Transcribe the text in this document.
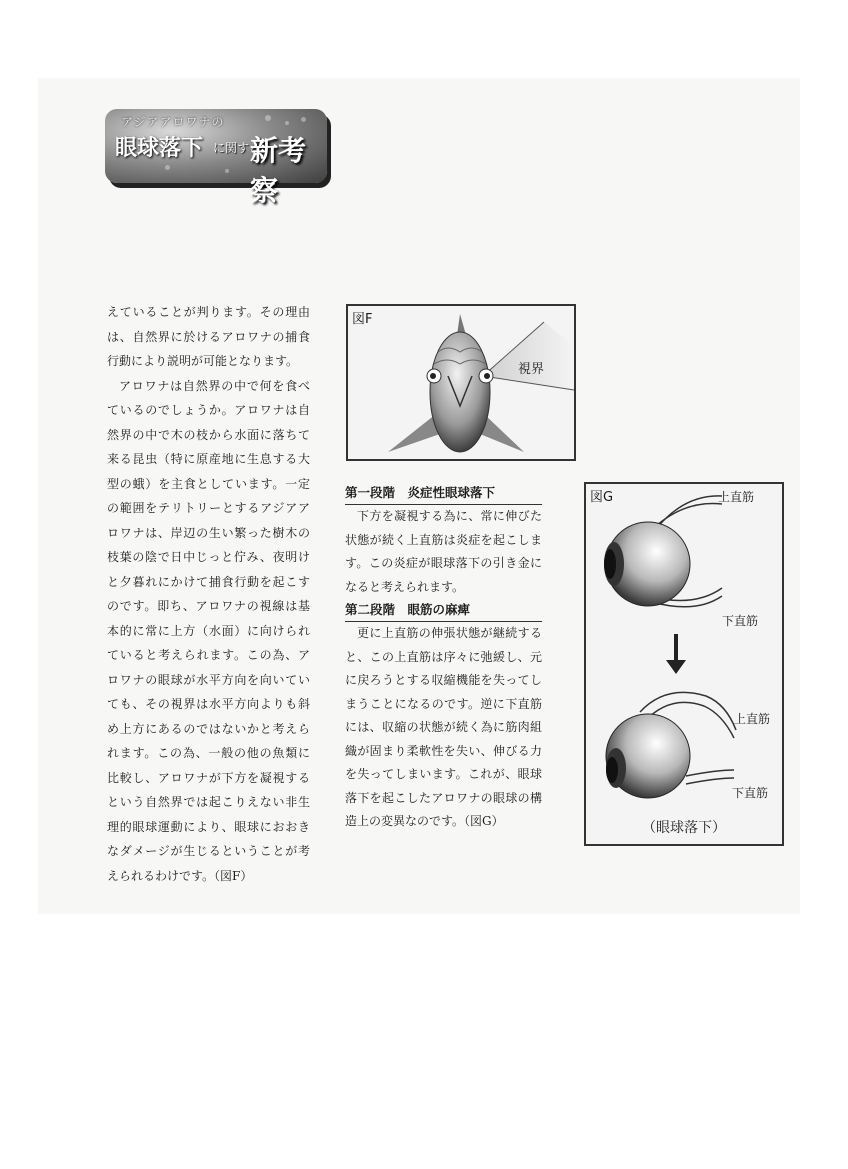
アジアアロワナの
眼球落下 に関する
新考察

えていることが判ります。その理由は、自然界に於けるアロワナの捕食行動により説明が可能となります。

アロワナは自然界の中で何を食べているのでしょうか。アロワナは自然界の中で木の枝から水面に落ちて来る昆虫（特に原産地に生息する大型の蛾）を主食としています。一定の範囲をテリトリーとするアジアアロワナは、岸辺の生い繁った樹木の枝葉の陰で日中じっと佇み、夜明けと夕暮れにかけて捕食行動を起こすのです。即ち、アロワナの視線は基本的に常に上方（水面）に向けられていると考えられます。この為、アロワナの眼球が水平方向を向いていても、その視界は水平方向よりも斜め上方にあるのではないかと考えられます。この為、一般の他の魚類に比較し、アロワナが下方を凝視するという自然界では起こりえない非生理的眼球運動により、眼球におおきなダメージが生じるということが考えられるわけです。（図F）

図F
視界

第一段階　炎症性眼球落下

下方を凝視する為に、常に伸びた状態が続く上直筋は炎症を起こします。この炎症が眼球落下の引き金になると考えられます。

第二段階　眼筋の麻痺

更に上直筋の伸張状態が継続すると、この上直筋は序々に弛緩し、元に戻ろうとする収縮機能を失ってしまうことになるのです。逆に下直筋には、収縮の状態が続く為に筋肉組織が固まり柔軟性を失い、伸びる力を失ってしまいます。これが、眼球落下を起こしたアロワナの眼球の構造上の変異なのです。（図G）

図G	上直筋
下直筋
上直筋
下直筋
（眼球落下）
